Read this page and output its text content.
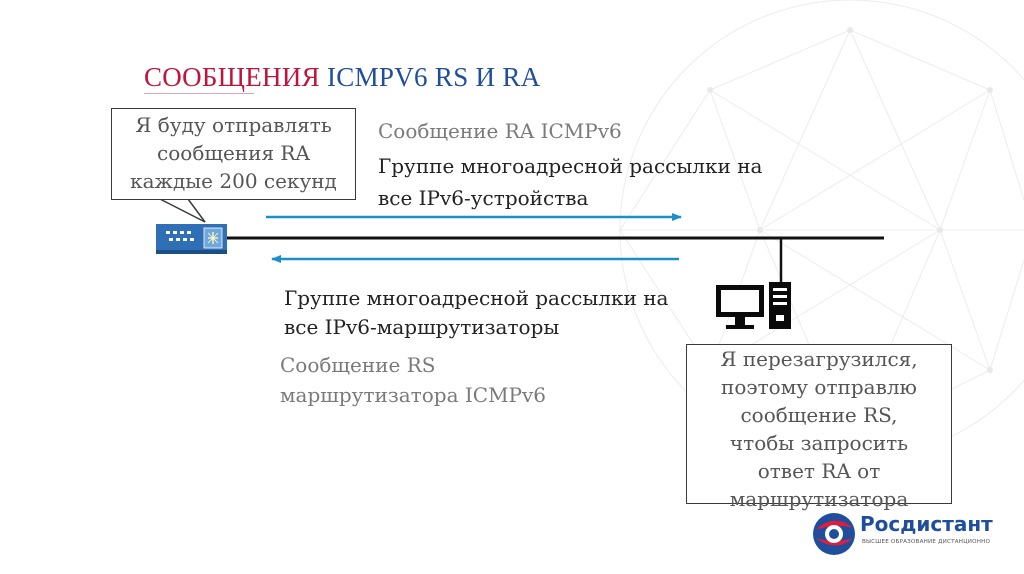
СООБЩЕНИЯ ICMPV6 RS И RA
Я буду отправлять
сообщения RA
каждые 200 секунд
Сообщение RA ICMPv6
Группе многоадресной рассылки на
все IPv6-устройства
Группе многоадресной рассылки на
все IPv6-маршрутизаторы
Сообщение RS
маршрутизатора ICMPv6
Я перезагрузился,
поэтому отправлю
сообщение RS,
чтобы запросить
ответ RA от
маршрутизатора
Росдистант
ВЫСШЕЕ ОБРАЗОВАНИЕ ДИСТАНЦИОННО
